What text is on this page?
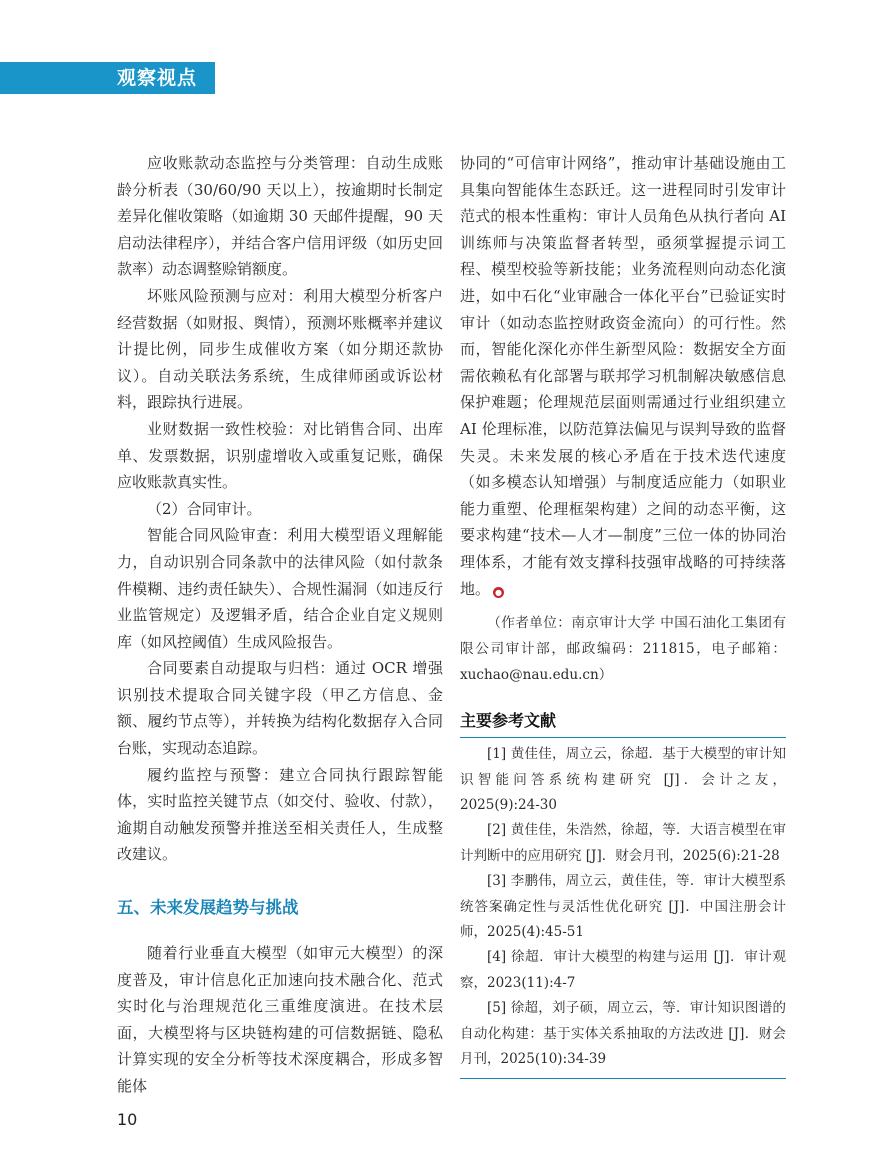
观察视点

应收账款动态监控与分类管理：自动生成账龄分析表（30/60/90 天以上），按逾期时长制定差异化催收策略（如逾期 30 天邮件提醒，90 天启动法律程序），并结合客户信用评级（如历史回款率）动态调整赊销额度。

坏账风险预测与应对：利用大模型分析客户经营数据（如财报、舆情），预测坏账概率并建议计提比例，同步生成催收方案（如分期还款协议）。自动关联法务系统，生成律师函或诉讼材料，跟踪执行进展。

业财数据一致性校验：对比销售合同、出库单、发票数据，识别虚增收入或重复记账，确保应收账款真实性。

（2）合同审计。

智能合同风险审查：利用大模型语义理解能力，自动识别合同条款中的法律风险（如付款条件模糊、违约责任缺失）、合规性漏洞（如违反行业监管规定）及逻辑矛盾，结合企业自定义规则库（如风控阈值）生成风险报告。

合同要素自动提取与归档：通过 OCR 增强识别技术提取合同关键字段（甲乙方信息、金额、履约节点等），并转换为结构化数据存入合同台账，实现动态追踪。

履约监控与预警：建立合同执行跟踪智能体，实时监控关键节点（如交付、验收、付款），逾期自动触发预警并推送至相关责任人，生成整改建议。

五、未来发展趋势与挑战

随着行业垂直大模型（如审元大模型）的深度普及，审计信息化正加速向技术融合化、范式实时化与治理规范化三重维度演进。在技术层面，大模型将与区块链构建的可信数据链、隐私计算实现的安全分析等技术深度耦合，形成多智能体

协同的“可信审计网络”，推动审计基础设施由工具集向智能体生态跃迁。这一进程同时引发审计范式的根本性重构：审计人员角色从执行者向 AI 训练师与决策监督者转型，亟须掌握提示词工程、模型校验等新技能；业务流程则向动态化演进，如中石化“业审融合一体化平台”已验证实时审计（如动态监控财政资金流向）的可行性。然而，智能化深化亦伴生新型风险：数据安全方面需依赖私有化部署与联邦学习机制解决敏感信息保护难题；伦理规范层面则需通过行业组织建立 AI 伦理标准，以防范算法偏见与误判导致的监督失灵。未来发展的核心矛盾在于技术迭代速度（如多模态认知增强）与制度适应能力（如职业能力重塑、伦理框架构建）之间的动态平衡，这要求构建“技术—人才—制度”三位一体的协同治理体系，才能有效支撑科技强审战略的可持续落地。 ●

（作者单位：南京审计大学 中国石油化工集团有限公司审计部，邮政编码：211815，电子邮箱：xuchao@nau.edu.cn）

主要参考文献

[1] 黄佳佳，周立云，徐超．基于大模型的审计知识智能问答系统构建研究 [J]．会计之友，2025(9):24-30

[2] 黄佳佳，朱浩然，徐超，等．大语言模型在审计判断中的应用研究 [J]．财会月刊，2025(6):21-28

[3] 李鹏伟，周立云，黄佳佳，等．审计大模型系统答案确定性与灵活性优化研究 [J]．中国注册会计师，2025(4):45-51

[4] 徐超．审计大模型的构建与运用 [J]．审计观察，2023(11):4-7

[5] 徐超，刘子硕，周立云，等．审计知识图谱的自动化构建：基于实体关系抽取的方法改进 [J]．财会月刊，2025(10):34-39

10
